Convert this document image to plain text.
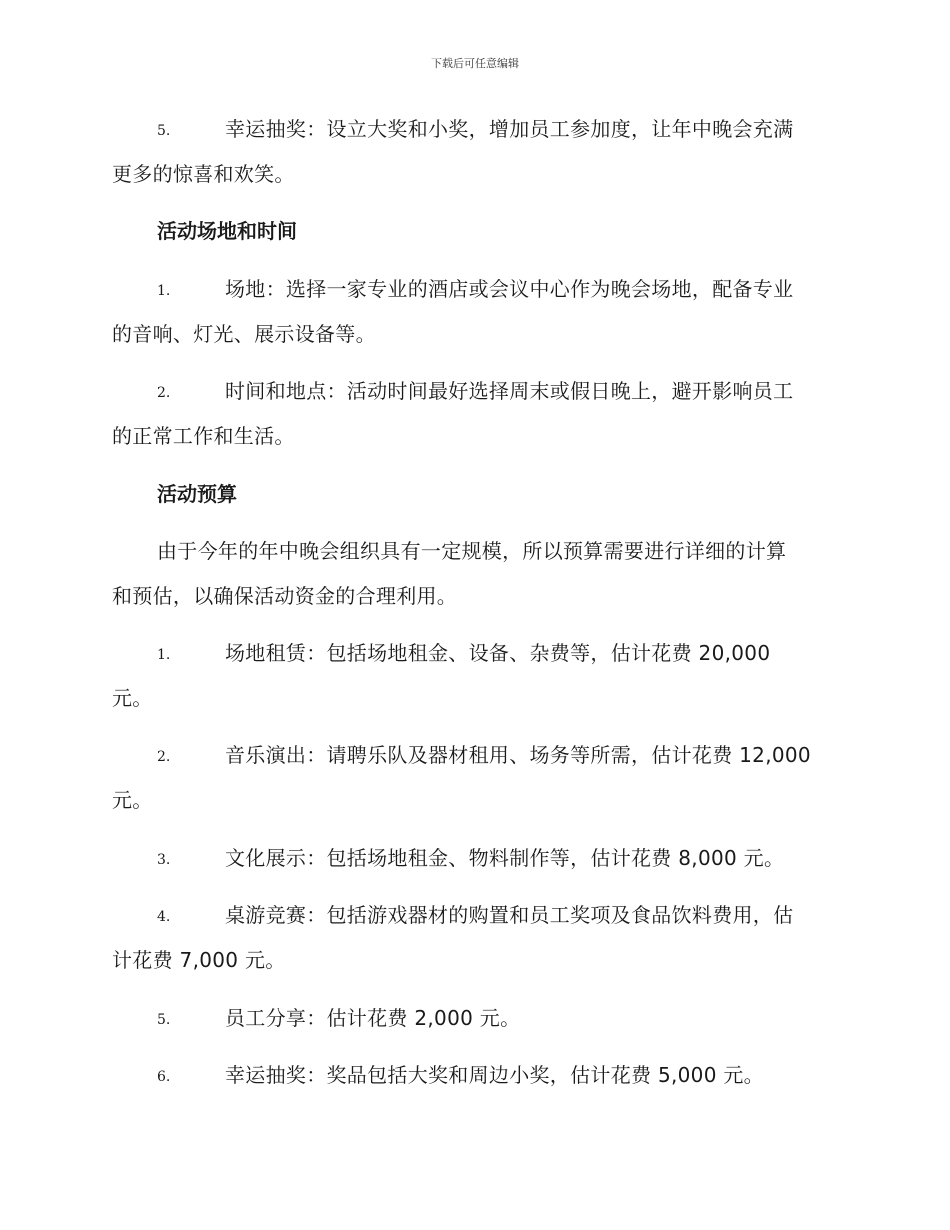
下载后可任意编辑
5.	幸运抽奖：设立大奖和小奖，增加员工参加度，让年中晚会充满
更多的惊喜和欢笑。
活动场地和时间
1.	场地：选择一家专业的酒店或会议中心作为晚会场地，配备专业
的音响、灯光、展示设备等。
2.	时间和地点：活动时间最好选择周末或假日晚上，避开影响员工
的正常工作和生活。
活动预算
由于今年的年中晚会组织具有一定规模，所以预算需要进行详细的计算
和预估，以确保活动资金的合理利用。
1.	场地租赁：包括场地租金、设备、杂费等，估计花费 20,000
元。
2.	音乐演出：请聘乐队及器材租用、场务等所需，估计花费 12,000
元。
3.	文化展示：包括场地租金、物料制作等，估计花费 8,000 元。
4.	桌游竞赛：包括游戏器材的购置和员工奖项及食品饮料费用，估
计花费 7,000 元。
5.	员工分享：估计花费 2,000 元。
6.	幸运抽奖：奖品包括大奖和周边小奖，估计花费 5,000 元。
